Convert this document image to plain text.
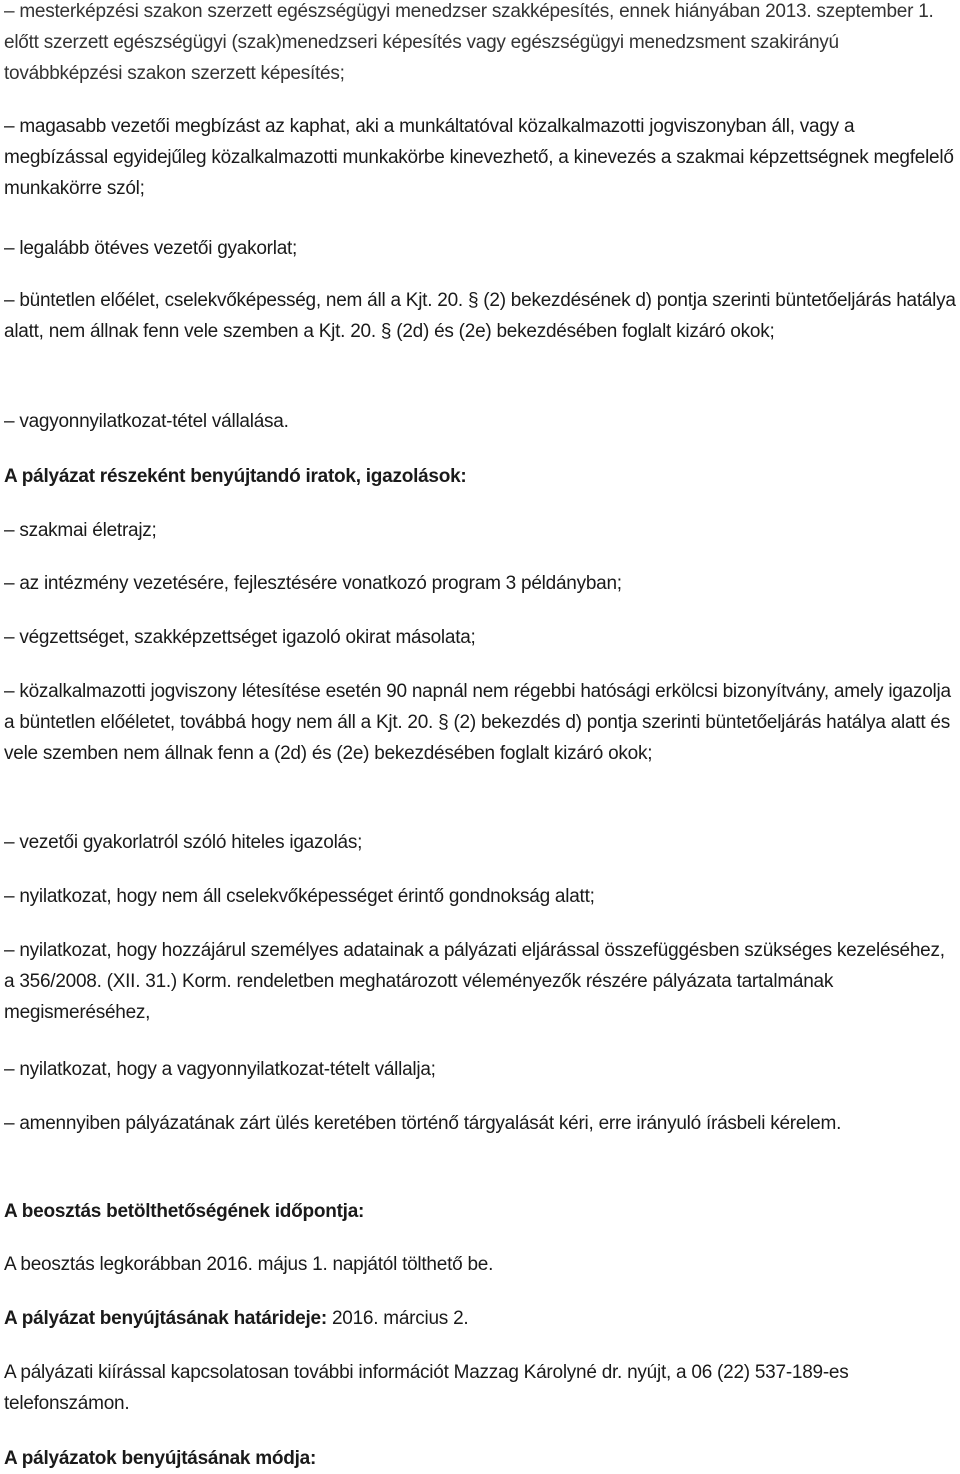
– mesterképzési szakon szerzett egészségügyi menedzser szakképesítés, ennek hiányában 2013. szeptember 1. előtt szerzett egészségügyi (szak)menedzseri képesítés vagy egészségügyi menedzsment szakirányú továbbképzési szakon szerzett képesítés;

– magasabb vezetői megbízást az kaphat, aki a munkáltatóval közalkalmazotti jogviszonyban áll, vagy a megbízással egyidejűleg közalkalmazotti munkakörbe kinevezhető, a kinevezés a szakmai képzettségnek megfelelő munkakörre szól;

– legalább ötéves vezetői gyakorlat;

– büntetlen előélet, cselekvőképesség, nem áll a Kjt. 20. § (2) bekezdésének d) pontja szerinti büntetőeljárás hatálya alatt, nem állnak fenn vele szemben a Kjt. 20. § (2d) és (2e) bekezdésében foglalt kizáró okok;

– vagyonnyilatkozat-tétel vállalása.

A pályázat részeként benyújtandó iratok, igazolások:

– szakmai életrajz;

– az intézmény vezetésére, fejlesztésére vonatkozó program 3 példányban;

– végzettséget, szakképzettséget igazoló okirat másolata;

– közalkalmazotti jogviszony létesítése esetén 90 napnál nem régebbi hatósági erkölcsi bizonyítvány, amely igazolja a büntetlen előéletet, továbbá hogy nem áll a Kjt. 20. § (2) bekezdés d) pontja szerinti büntetőeljárás hatálya alatt és vele szemben nem állnak fenn a (2d) és (2e) bekezdésében foglalt kizáró okok;

– vezetői gyakorlatról szóló hiteles igazolás;

– nyilatkozat, hogy nem áll cselekvőképességet érintő gondnokság alatt;

– nyilatkozat, hogy hozzájárul személyes adatainak a pályázati eljárással összefüggésben szükséges kezeléséhez, a 356/2008. (XII. 31.) Korm. rendeletben meghatározott véleményezők részére pályázata tartalmának megismeréséhez,

– nyilatkozat, hogy a vagyonnyilatkozat-tételt vállalja;

– amennyiben pályázatának zárt ülés keretében történő tárgyalását kéri, erre irányuló írásbeli kérelem.

A beosztás betölthetőségének időpontja:

A beosztás legkorábban 2016. május 1. napjától tölthető be.

A pályázat benyújtásának határideje: 2016. március 2.

A pályázati kiírással kapcsolatosan további információt Mazzag Károlyné dr. nyújt, a 06 (22) 537-189-es telefonszámon.

A pályázatok benyújtásának módja:
